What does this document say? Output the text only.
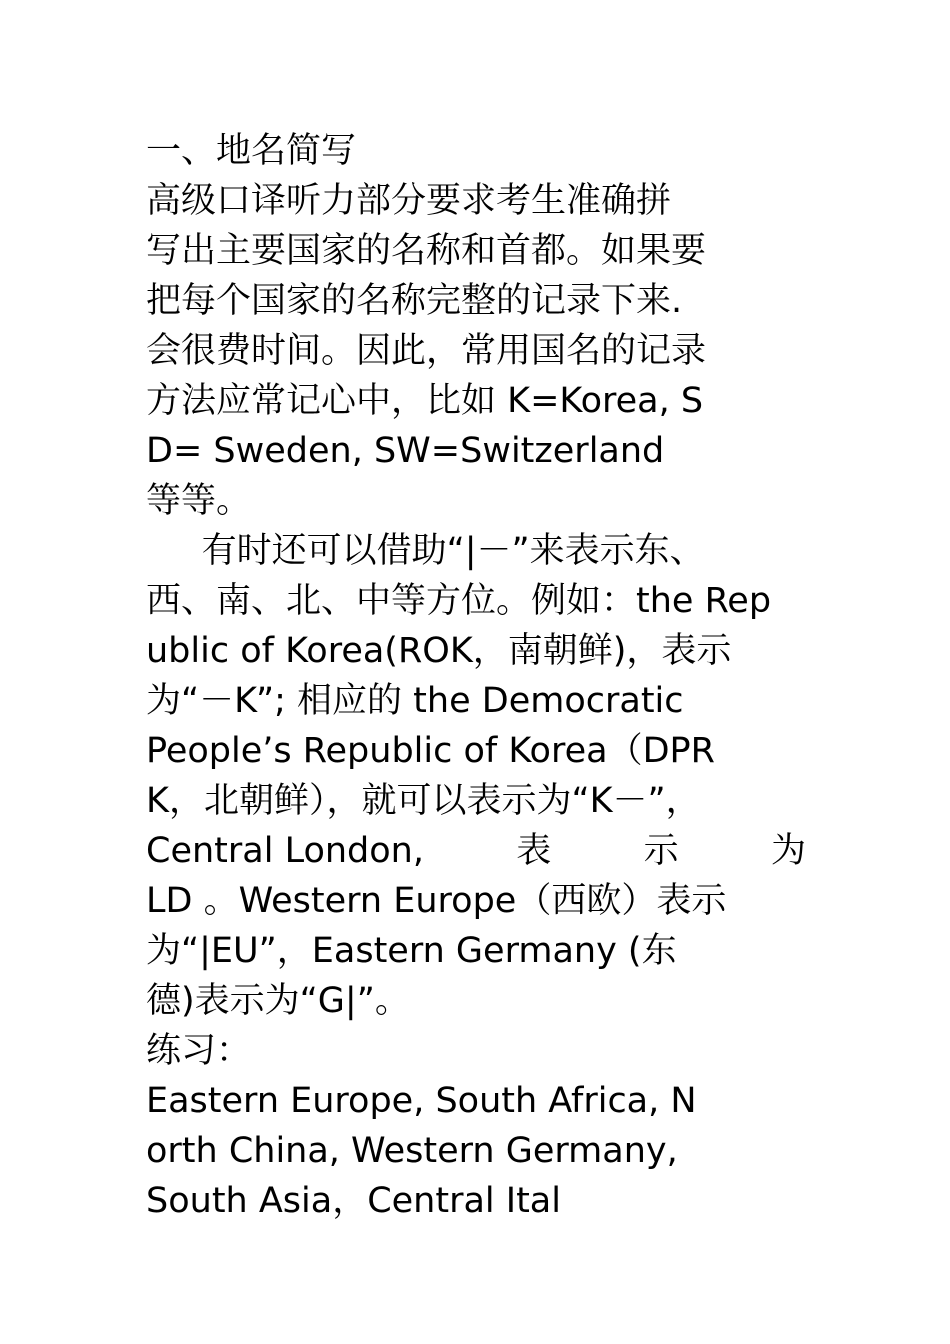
一、地名简写
高级口译听力部分要求考生准确拼
写出主要国家的名称和首都。如果要
把每个国家的名称完整的记录下来.
会很费时间。因此，常用国名的记录
方法应常记心中，比如 K=Korea, S
D= Sweden, SW=Switzerland
等等。
有时还可以借助“|－”来表示东、
西、南、北、中等方位。例如：the Rep
ublic of Korea(ROK，南朝鲜)，表示
为“－K”; 相应的 the Democratic
People’s Republic of Korea（DPR
K，北朝鲜），就可以表示为“K－”，
Central London,	表	示	为
LD 。Western Europe（西欧）表示
为“|EU”，Eastern Germany (东
德)表示为“G|”。
练习：
Eastern Europe, South Africa, N
orth China, Western Germany,
South Asia，Central Ital
